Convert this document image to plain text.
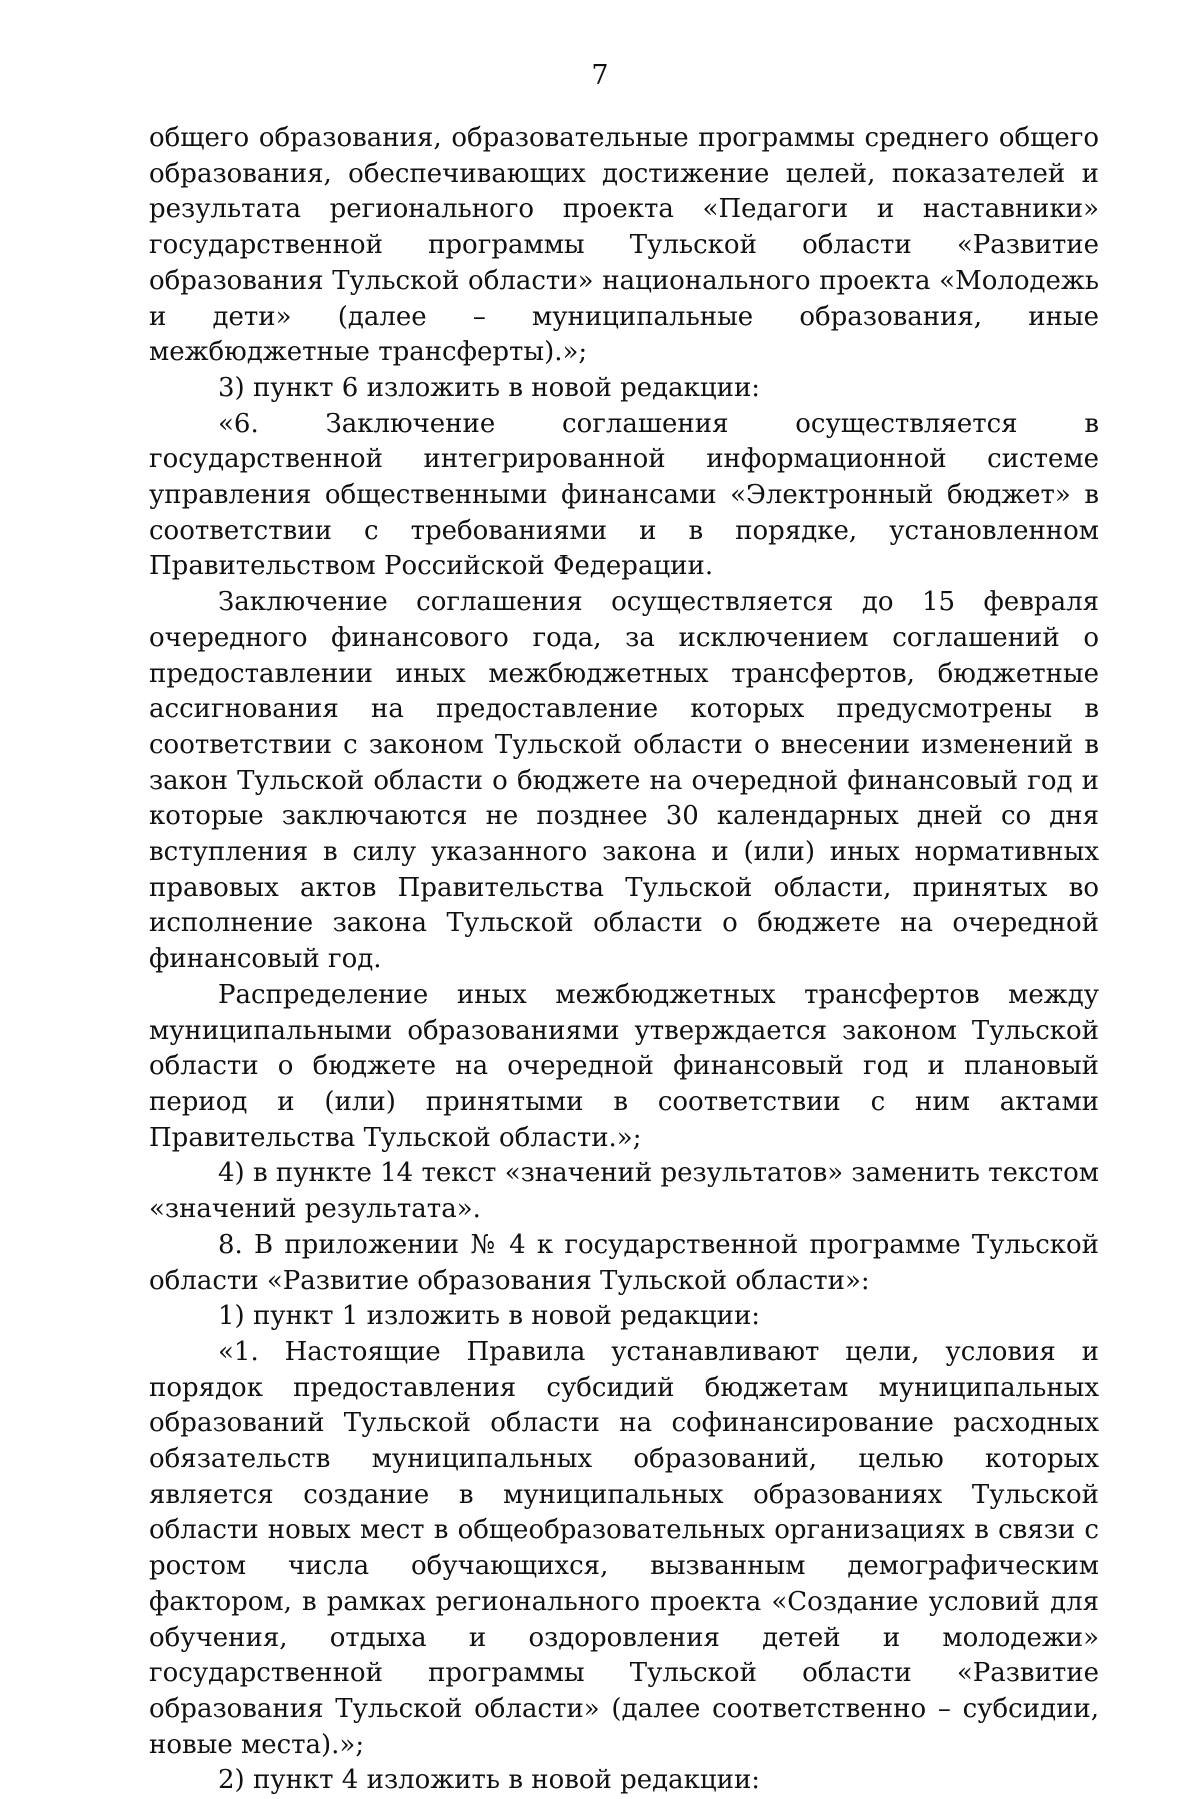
7

общего образования, образовательные программы среднего общего образования, обеспечивающих достижение целей, показателей и результата регионального проекта «Педагоги и наставники» государственной программы Тульской области «Развитие образования Тульской области» национального проекта «Молодежь и дети» (далее – муниципальные образования, иные межбюджетные трансферты).»;

3) пункт 6 изложить в новой редакции:

«6. Заключение соглашения осуществляется в государственной интегрированной информационной системе управления общественными финансами «Электронный бюджет» в соответствии с требованиями и в порядке, установленном Правительством Российской Федерации.

Заключение соглашения осуществляется до 15 февраля очередного финансового года, за исключением соглашений о предоставлении иных межбюджетных трансфертов, бюджетные ассигнования на предоставление которых предусмотрены в соответствии с законом Тульской области о внесении изменений в закон Тульской области о бюджете на очередной финансовый год и которые заключаются не позднее 30 календарных дней со дня вступления в силу указанного закона и (или) иных нормативных правовых актов Правительства Тульской области, принятых во исполнение закона Тульской области о бюджете на очередной финансовый год.

Распределение иных межбюджетных трансфертов между муниципальными образованиями утверждается законом Тульской области о бюджете на очередной финансовый год и плановый период и (или) принятыми в соответствии с ним актами Правительства Тульской области.»;

4) в пункте 14 текст «значений результатов» заменить текстом «значений результата».

8. В приложении № 4 к государственной программе Тульской области «Развитие образования Тульской области»:

1) пункт 1 изложить в новой редакции:

«1. Настоящие Правила устанавливают цели, условия и порядок предоставления субсидий бюджетам муниципальных образований Тульской области на софинансирование расходных обязательств муниципальных образований, целью которых является создание в муниципальных образованиях Тульской области новых мест в общеобразовательных организациях в связи с ростом числа обучающихся, вызванным демографическим фактором, в рамках регионального проекта «Создание условий для обучения, отдыха и оздоровления детей и молодежи» государственной программы Тульской области «Развитие образования Тульской области» (далее соответственно – субсидии, новые места).»;

2) пункт 4 изложить в новой редакции:
